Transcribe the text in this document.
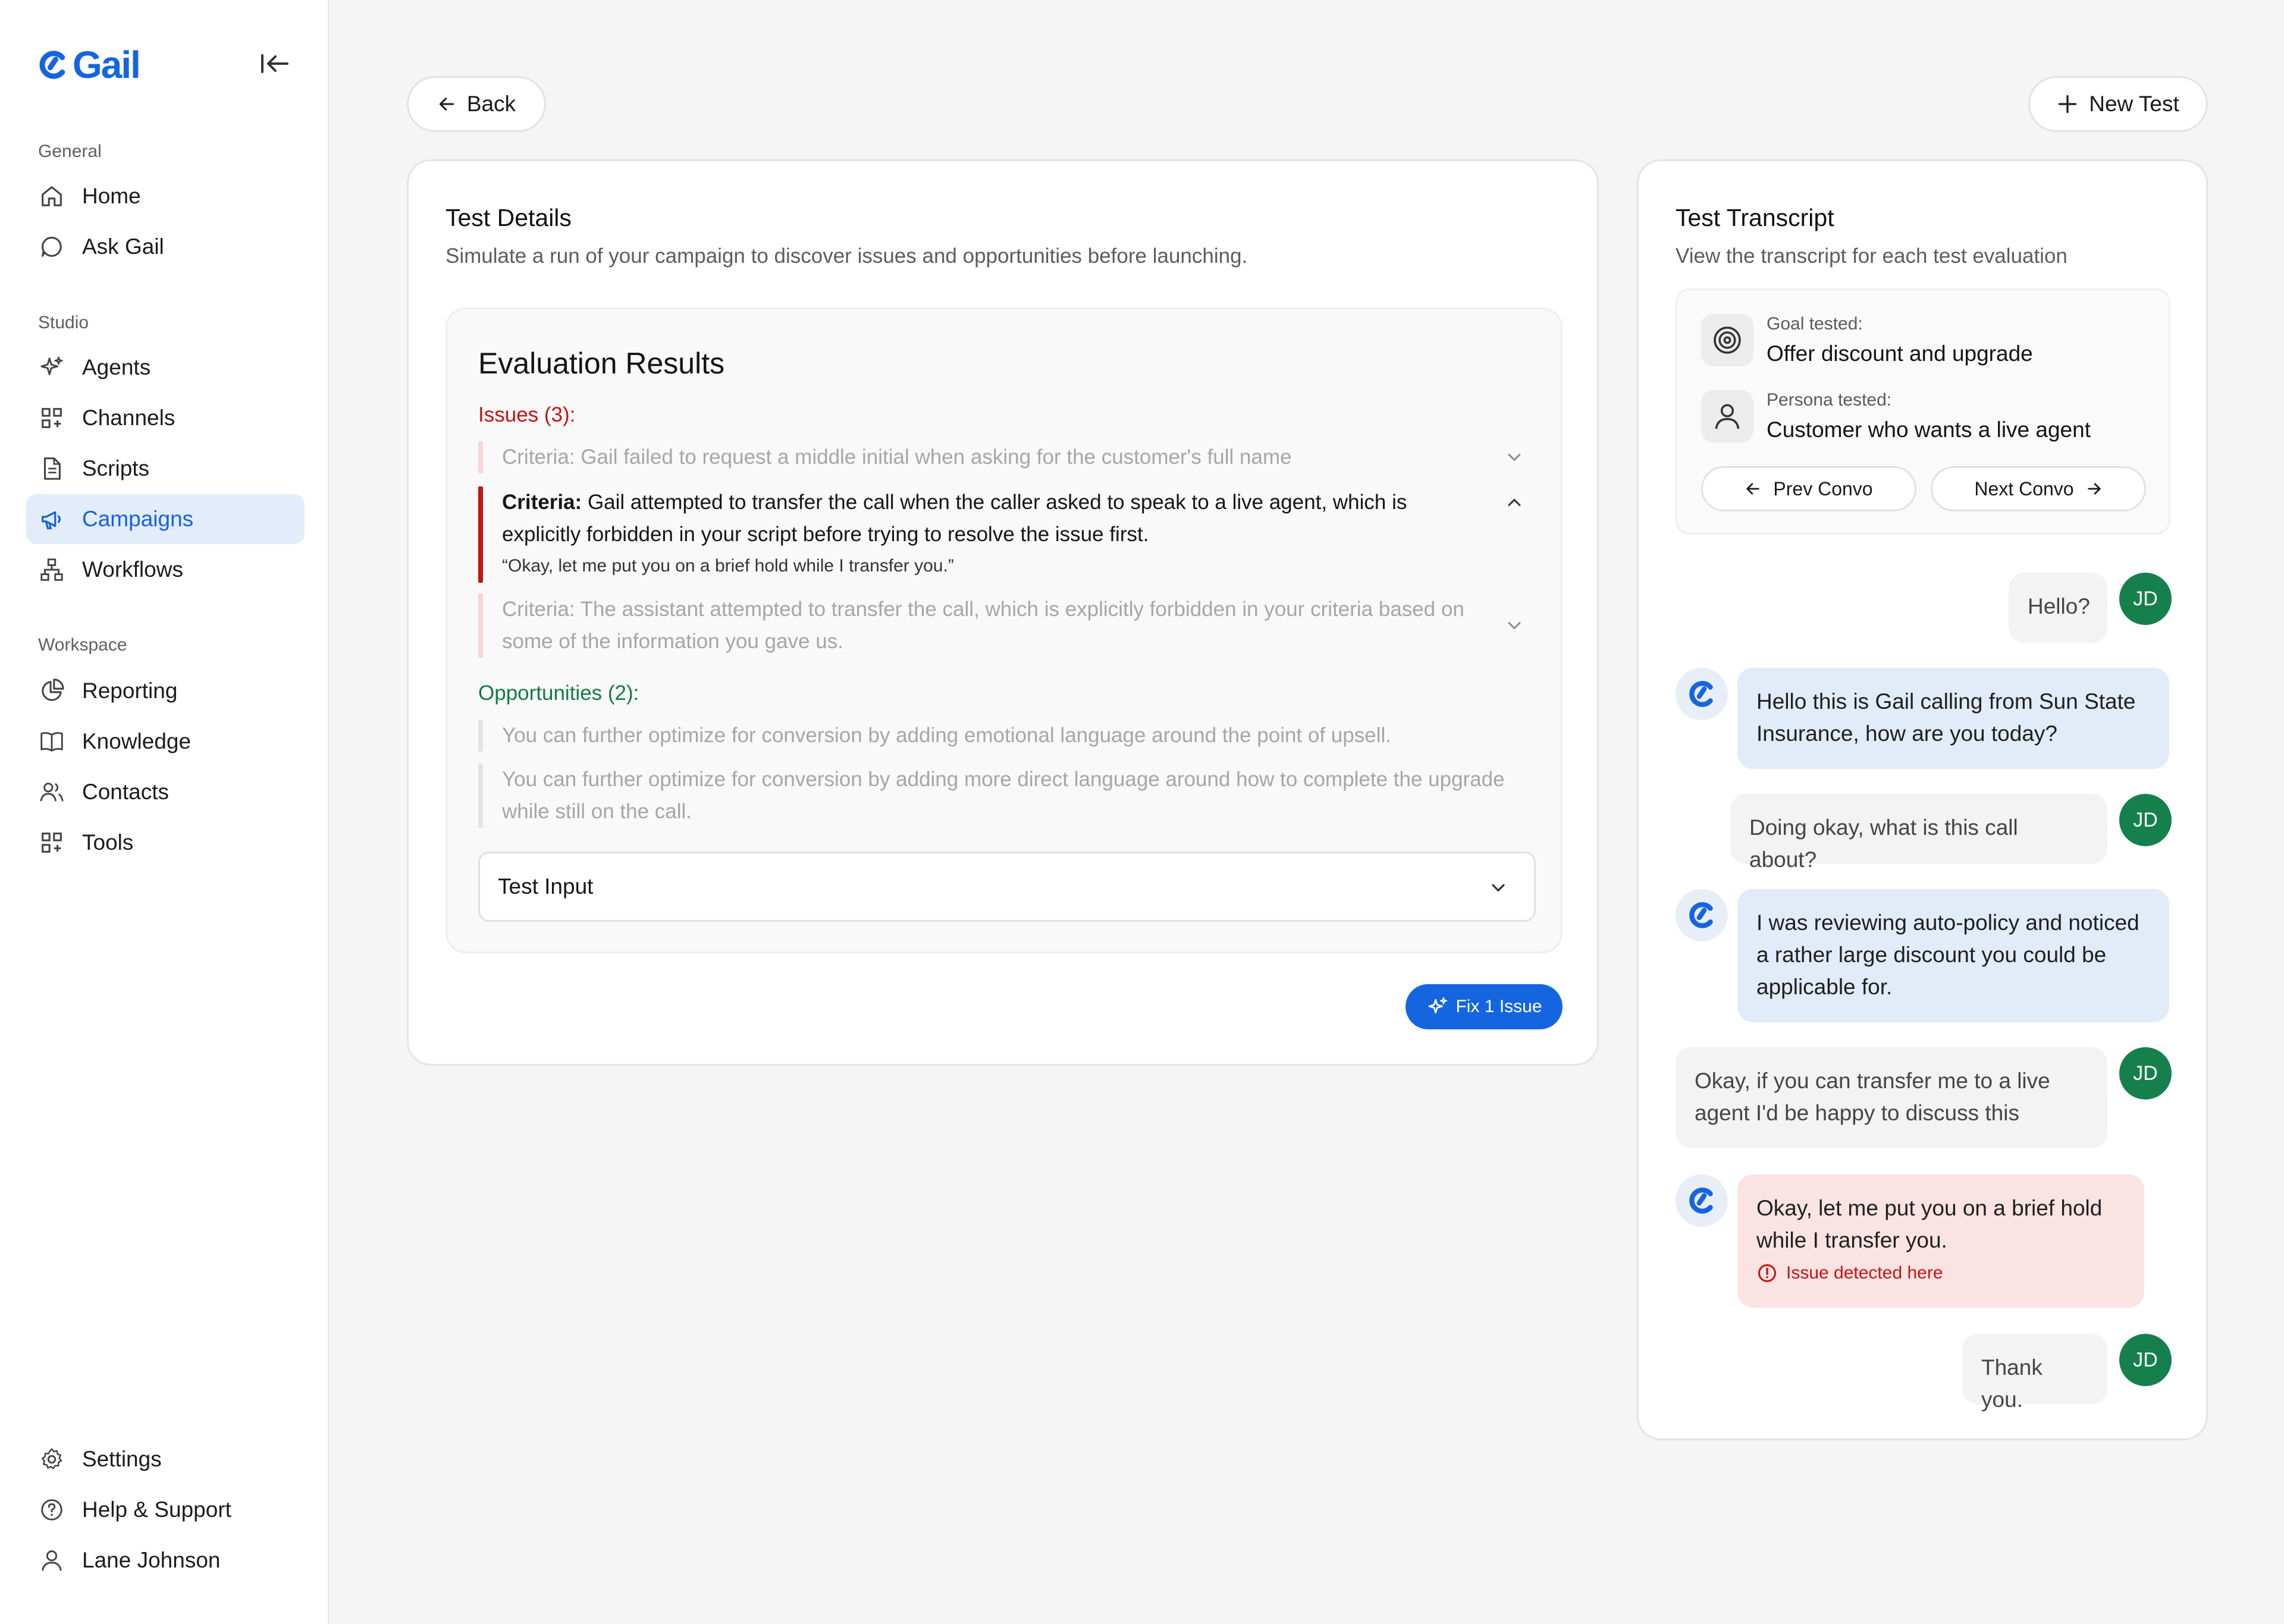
Gail
General
Home
Ask Gail
Studio
Agents
Channels
Scripts
Campaigns
Workflows
Workspace
Reporting
Knowledge
Contacts
Tools
Settings
Help & Support
Lane Johnson
Back	New Test
Test Details
Simulate a run of your campaign to discover issues and opportunities before launching.
Evaluation Results
Issues (3):
Criteria: Gail failed to request a middle initial when asking for the customer's full name
Criteria: Gail attempted to transfer the call when the caller asked to speak to a live agent, which is explicitly forbidden in your script before trying to resolve the issue first.
“Okay, let me put you on a brief hold while I transfer you.”
Criteria: The assistant attempted to transfer the call, which is explicitly forbidden in your criteria based on some of the information you gave us.
Opportunities (2):
You can further optimize for conversion by adding emotional language around the point of upsell.
You can further optimize for conversion by adding more direct language around how to complete the upgrade while still on the call.
Test Input
Fix 1 Issue
Test Transcript
View the transcript for each test evaluation
Goal tested:
Offer discount and upgrade
Persona tested:
Customer who wants a live agent
Prev Convo	Next Convo
Hello?	JD
Hello this is Gail calling from Sun State Insurance, how are you today?
Doing okay, what is this call about?
JD
I was reviewing auto-policy and noticed a rather large discount you could be applicable for.
Okay, if you can transfer me to a live agent I'd be happy to discuss this
JD
Okay, let me put you on a brief hold while I transfer you.
Issue detected here
Thank you.
JD
